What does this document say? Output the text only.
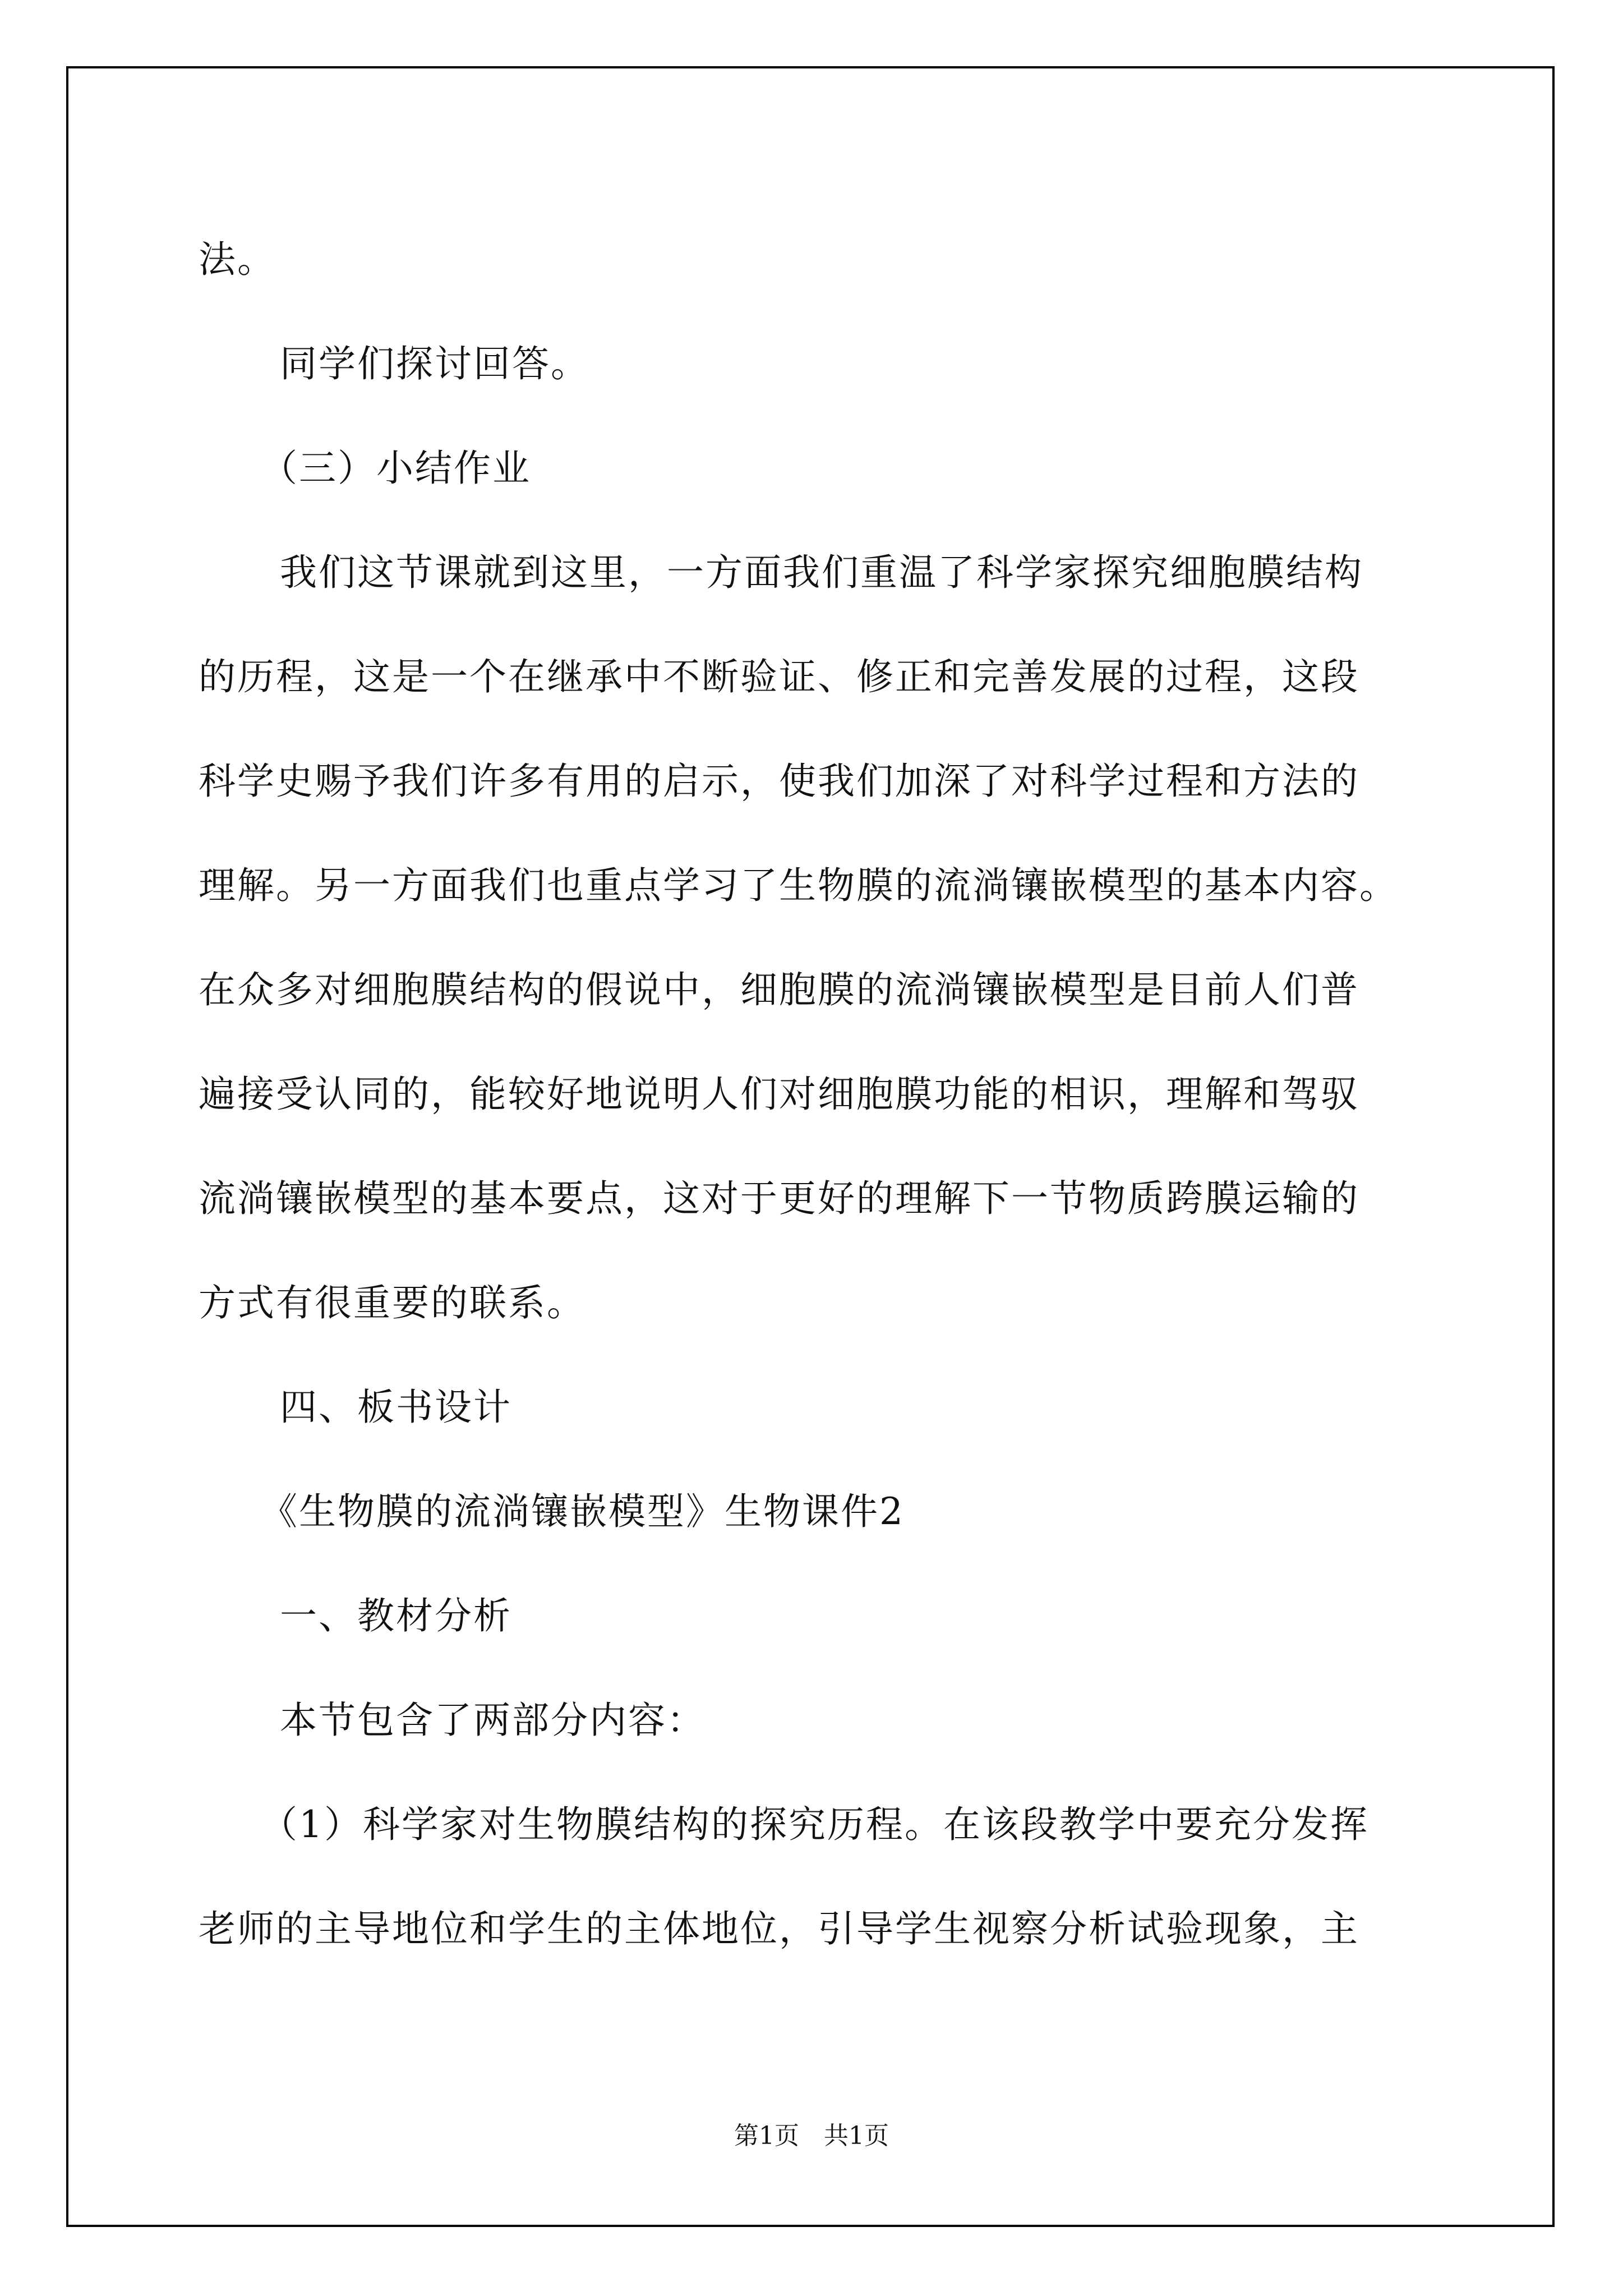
法。
同学们探讨回答。
（三）小结作业
我们这节课就到这里，一方面我们重温了科学家探究细胞膜结构
的历程，这是一个在继承中不断验证、修正和完善发展的过程，这段
科学史赐予我们许多有用的启示，使我们加深了对科学过程和方法的
理解。另一方面我们也重点学习了生物膜的流淌镶嵌模型的基本内容。
在众多对细胞膜结构的假说中，细胞膜的流淌镶嵌模型是目前人们普
遍接受认同的，能较好地说明人们对细胞膜功能的相识，理解和驾驭
流淌镶嵌模型的基本要点，这对于更好的理解下一节物质跨膜运输的
方式有很重要的联系。
四、板书设计
《生物膜的流淌镶嵌模型》生物课件2
一、教材分析
本节包含了两部分内容：
（1）科学家对生物膜结构的探究历程。在该段教学中要充分发挥
老师的主导地位和学生的主体地位，引导学生视察分析试验现象，主
第1页　共1页
